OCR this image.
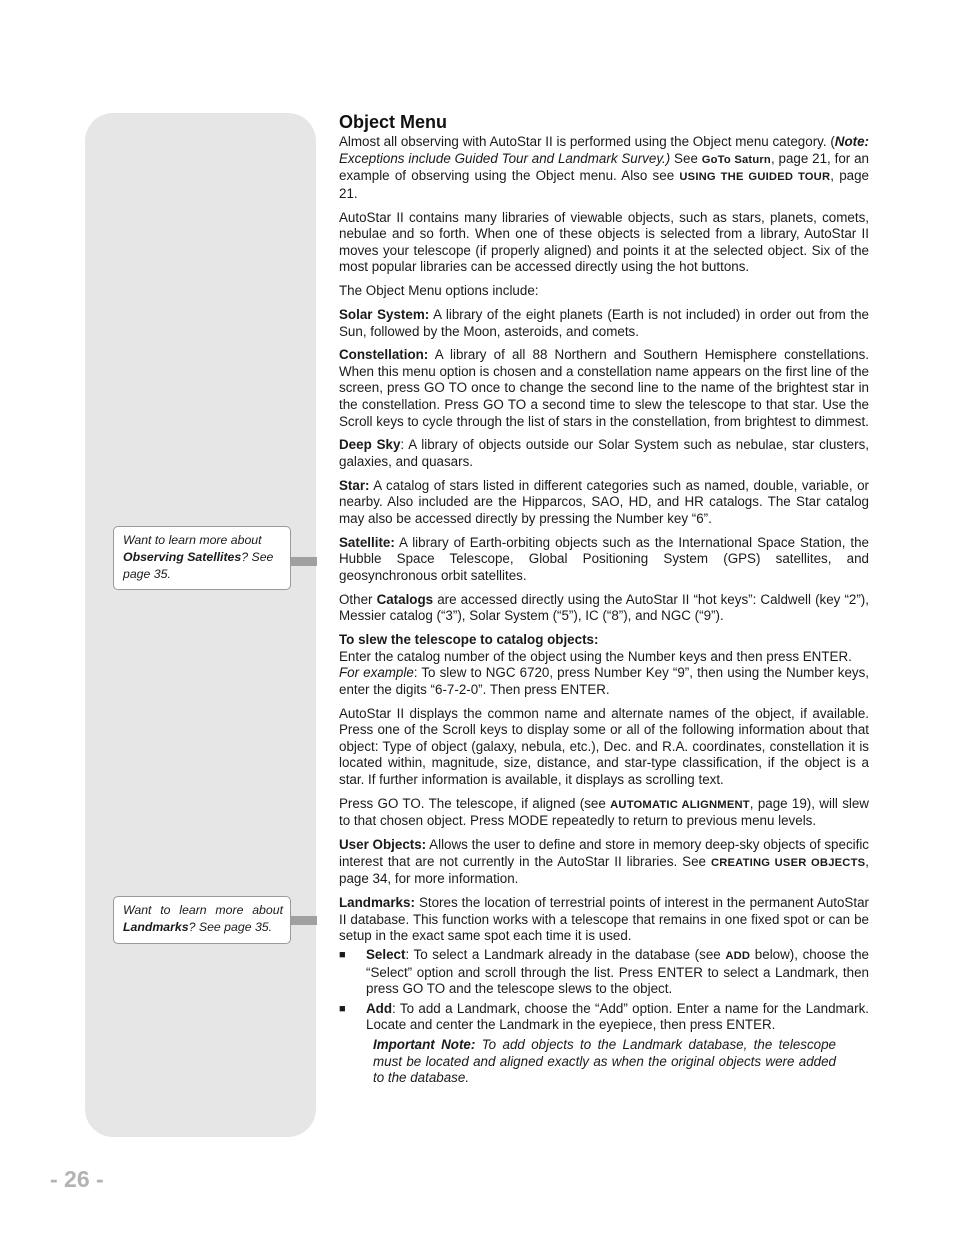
Want to learn more about Observing Satellites? See page 35.
Want to learn more about Landmarks? See page 35.
Object Menu

Almost all observing with AutoStar II is performed using the Object menu category. (Note: Exceptions include Guided Tour and Landmark Survey.) See GoTo Saturn, page 21, for an example of observing using the Object menu. Also see USING THE GUIDED TOUR, page 21.

AutoStar II contains many libraries of viewable objects, such as stars, planets, comets, nebulae and so forth. When one of these objects is selected from a library, AutoStar II moves your telescope (if properly aligned) and points it at the selected object. Six of the most popular libraries can be accessed directly using the hot buttons.

The Object Menu options include:

Solar System: A library of the eight planets (Earth is not included) in order out from the Sun, followed by the Moon, asteroids, and comets.

Constellation: A library of all 88 Northern and Southern Hemisphere constellations. When this menu option is chosen and a constellation name appears on the first line of the screen, press GO TO once to change the second line to the name of the brightest star in the constellation. Press GO TO a second time to slew the telescope to that star. Use the Scroll keys to cycle through the list of stars in the constellation, from brightest to dimmest.

Deep Sky: A library of objects outside our Solar System such as nebulae, star clusters, galaxies, and quasars.

Star: A catalog of stars listed in different categories such as named, double, variable, or nearby. Also included are the Hipparcos, SAO, HD, and HR catalogs. The Star catalog may also be accessed directly by pressing the Number key “6”.

Satellite: A library of Earth-orbiting objects such as the International Space Station, the Hubble Space Telescope, Global Positioning System (GPS) satellites, and geosynchronous orbit satellites.

Other Catalogs are accessed directly using the AutoStar II “hot keys”: Caldwell (key “2”), Messier catalog (“3”), Solar System (“5”), IC (“8”), and NGC (“9”).

To slew the telescope to catalog objects:
Enter the catalog number of the object using the Number keys and then press ENTER.
For example: To slew to NGC 6720, press Number Key “9”, then using the Number keys, enter the digits “6-7-2-0”. Then press ENTER.

AutoStar II displays the common name and alternate names of the object, if available. Press one of the Scroll keys to display some or all of the following information about that object: Type of object (galaxy, nebula, etc.), Dec. and R.A. coordinates, constellation it is located within, magnitude, size, distance, and star-type classification, if the object is a star. If further information is available, it displays as scrolling text.

Press GO TO. The telescope, if aligned (see AUTOMATIC ALIGNMENT, page 19), will slew to that chosen object. Press MODE repeatedly to return to previous menu levels.

User Objects: Allows the user to define and store in memory deep-sky objects of specific interest that are not currently in the AutoStar II libraries. See CREATING USER OBJECTS, page 34, for more information.

Landmarks: Stores the location of terrestrial points of interest in the permanent AutoStar II database. This function works with a telescope that remains in one fixed spot or can be setup in the exact same spot each time it is used.

■	Select: To select a Landmark already in the database (see ADD below), choose the “Select” option and scroll through the list. Press ENTER to select a Landmark, then press GO TO and the telescope slews to the object.
■	Add: To add a Landmark, choose the “Add” option. Enter a name for the Landmark. Locate and center the Landmark in the eyepiece, then press ENTER.
Important Note: To add objects to the Landmark database, the telescope must be located and aligned exactly as when the original objects were added to the database.
- 26 -
